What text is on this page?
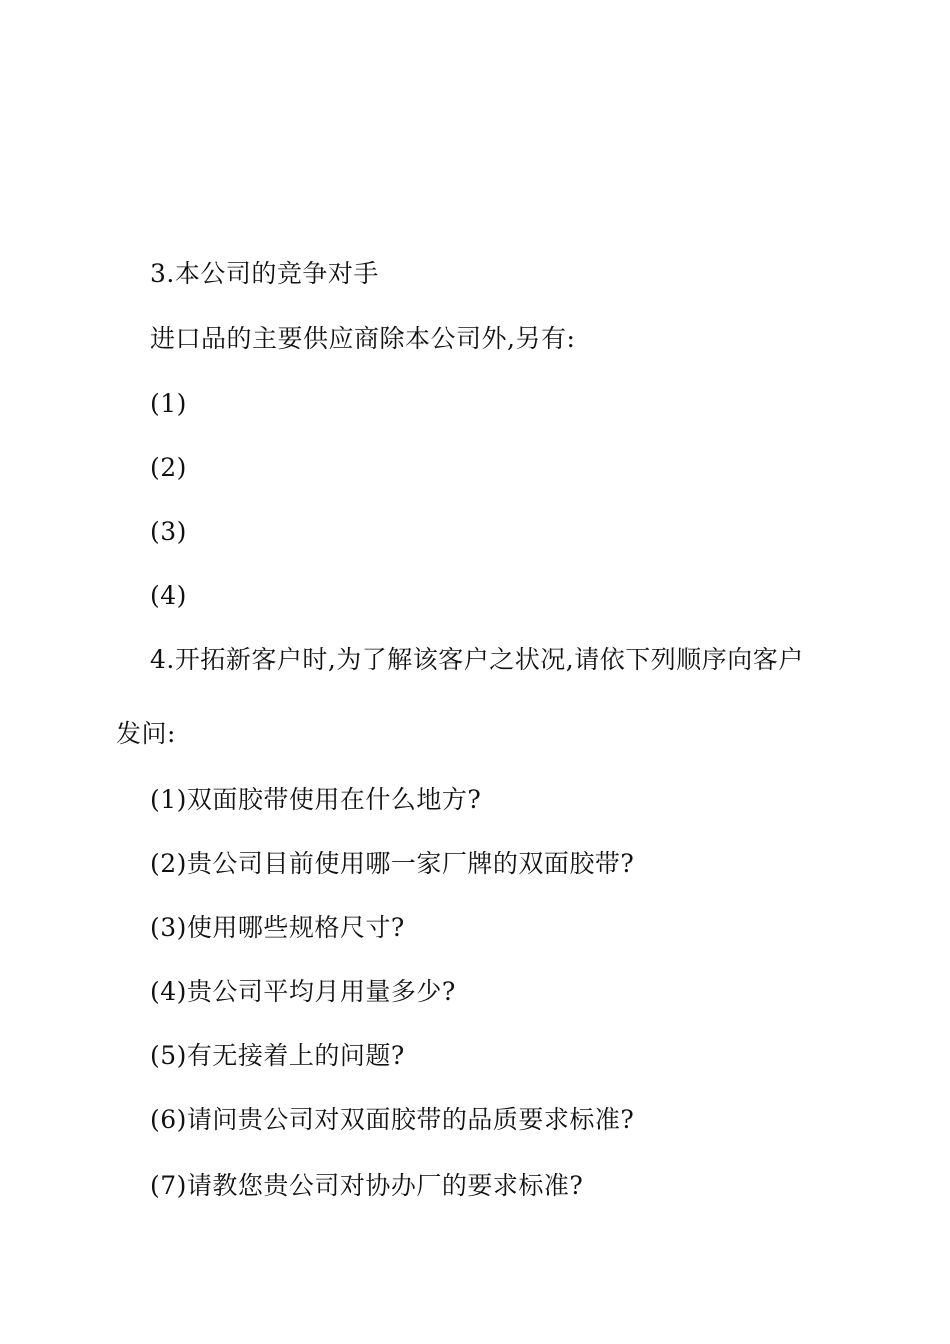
3.本公司的竞争对手
进口品的主要供应商除本公司外,另有:
(1)
(2)
(3)
(4)
4.开拓新客户时,为了解该客户之状况,请依下列顺序向客户
发问:
(1)双面胶带使用在什么地方?
(2)贵公司目前使用哪一家厂牌的双面胶带?
(3)使用哪些规格尺寸?
(4)贵公司平均月用量多少?
(5)有无接着上的问题?
(6)请问贵公司对双面胶带的品质要求标准?
(7)请教您贵公司对协办厂的要求标准?
